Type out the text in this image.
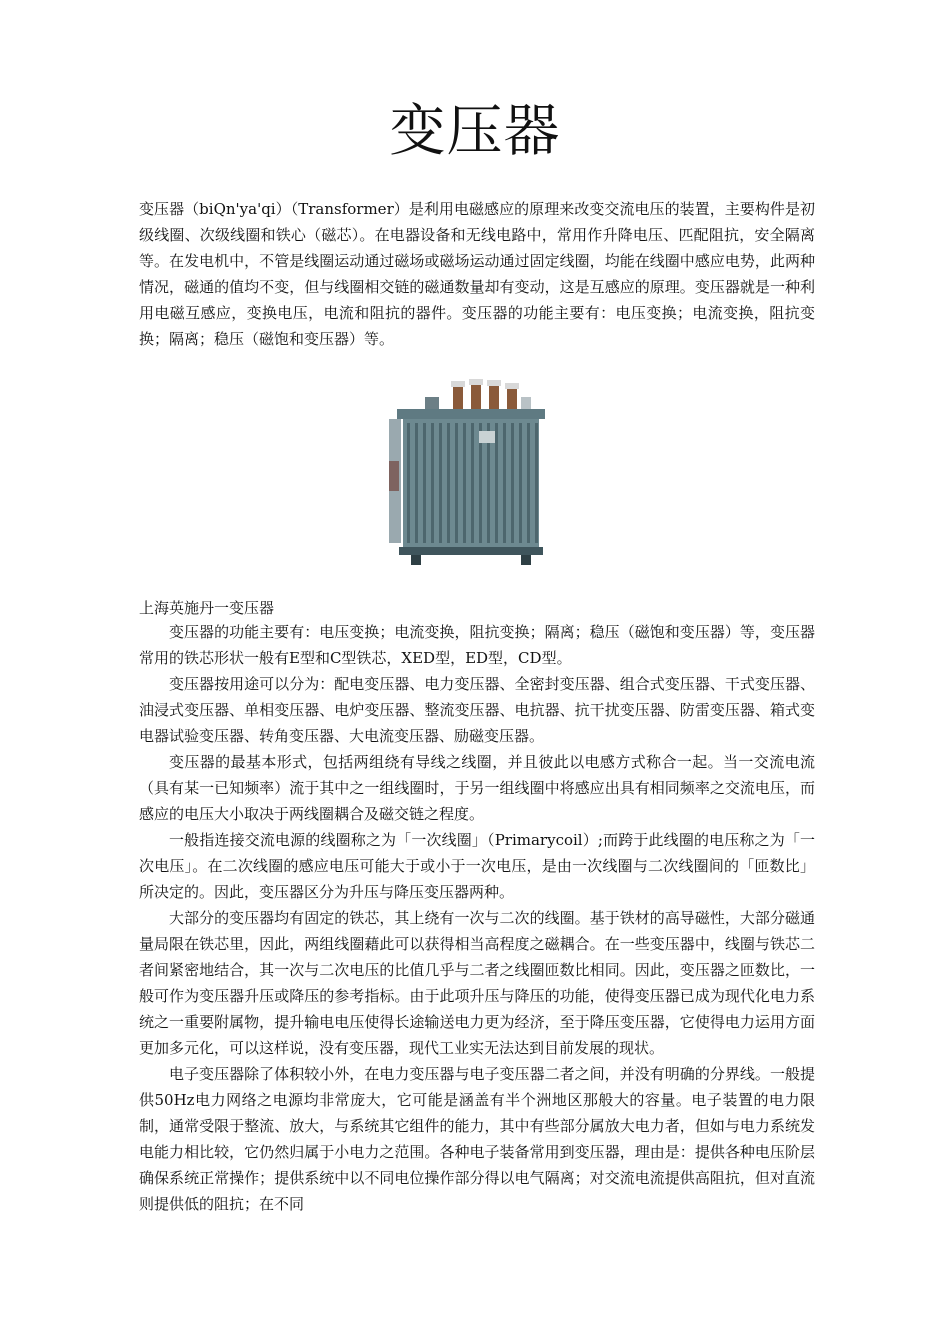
变压器

变压器（biQn'ya'qi）（Transformer）是利用电磁感应的原理来改变交流电压的装置，主要构件是初级线圈、次级线圈和铁心（磁芯）。在电器设备和无线电路中，常用作升降电压、匹配阻抗，安全隔离等。在发电机中，不管是线圈运动通过磁场或磁场运动通过固定线圈，均能在线圈中感应电势，此两种情况，磁通的值均不变，但与线圈相交链的磁通数量却有变动，这是互感应的原理。变压器就是一种利用电磁互感应，变换电压，电流和阻抗的器件。变压器的功能主要有：电压变换；电流变换，阻抗变换；隔离；稳压（磁饱和变压器）等。

上海英施丹一变压器

变压器的功能主要有：电压变换；电流变换，阻抗变换；隔离；稳压（磁饱和变压器）等，变压器常用的铁芯形状一般有E型和C型铁芯，XED型，ED型，CD型。

变压器按用途可以分为：配电变压器、电力变压器、全密封变压器、组合式变压器、干式变压器、油浸式变压器、单相变压器、电炉变压器、整流变压器、电抗器、抗干扰变压器、防雷变压器、箱式变电器试验变压器、转角变压器、大电流变压器、励磁变压器。

变压器的最基本形式，包括两组绕有导线之线圈，并且彼此以电感方式称合一起。当一交流电流（具有某一已知频率）流于其中之一组线圈时，于另一组线圈中将感应出具有相同频率之交流电压，而感应的电压大小取决于两线圈耦合及磁交链之程度。

一般指连接交流电源的线圈称之为「一次线圈」（Primarycoil）;而跨于此线圈的电压称之为「一次电压」。在二次线圈的感应电压可能大于或小于一次电压，是由一次线圈与二次线圈间的「匝数比」所决定的。因此，变压器区分为升压与降压变压器两种。

大部分的变压器均有固定的铁芯，其上绕有一次与二次的线圈。基于铁材的高导磁性，大部分磁通量局限在铁芯里，因此，两组线圈藉此可以获得相当高程度之磁耦合。在一些变压器中，线圈与铁芯二者间紧密地结合，其一次与二次电压的比值几乎与二者之线圈匝数比相同。因此，变压器之匝数比，一般可作为变压器升压或降压的参考指标。由于此项升压与降压的功能，使得变压器已成为现代化电力系统之一重要附属物，提升输电电压使得长途输送电力更为经济，至于降压变压器，它使得电力运用方面更加多元化，可以这样说，没有变压器，现代工业实无法达到目前发展的现状。

电子变压器除了体积较小外，在电力变压器与电子变压器二者之间，并没有明确的分界线。一般提供50Hz电力网络之电源均非常庞大，它可能是涵盖有半个洲地区那般大的容量。电子装置的电力限制，通常受限于整流、放大，与系统其它组件的能力，其中有些部分属放大电力者，但如与电力系统发电能力相比较，它仍然归属于小电力之范围。各种电子装备常用到变压器，理由是：提供各种电压阶层确保系统正常操作；提供系统中以不同电位操作部分得以电气隔离；对交流电流提供高阻抗，但对直流则提供低的阻抗；在不同
